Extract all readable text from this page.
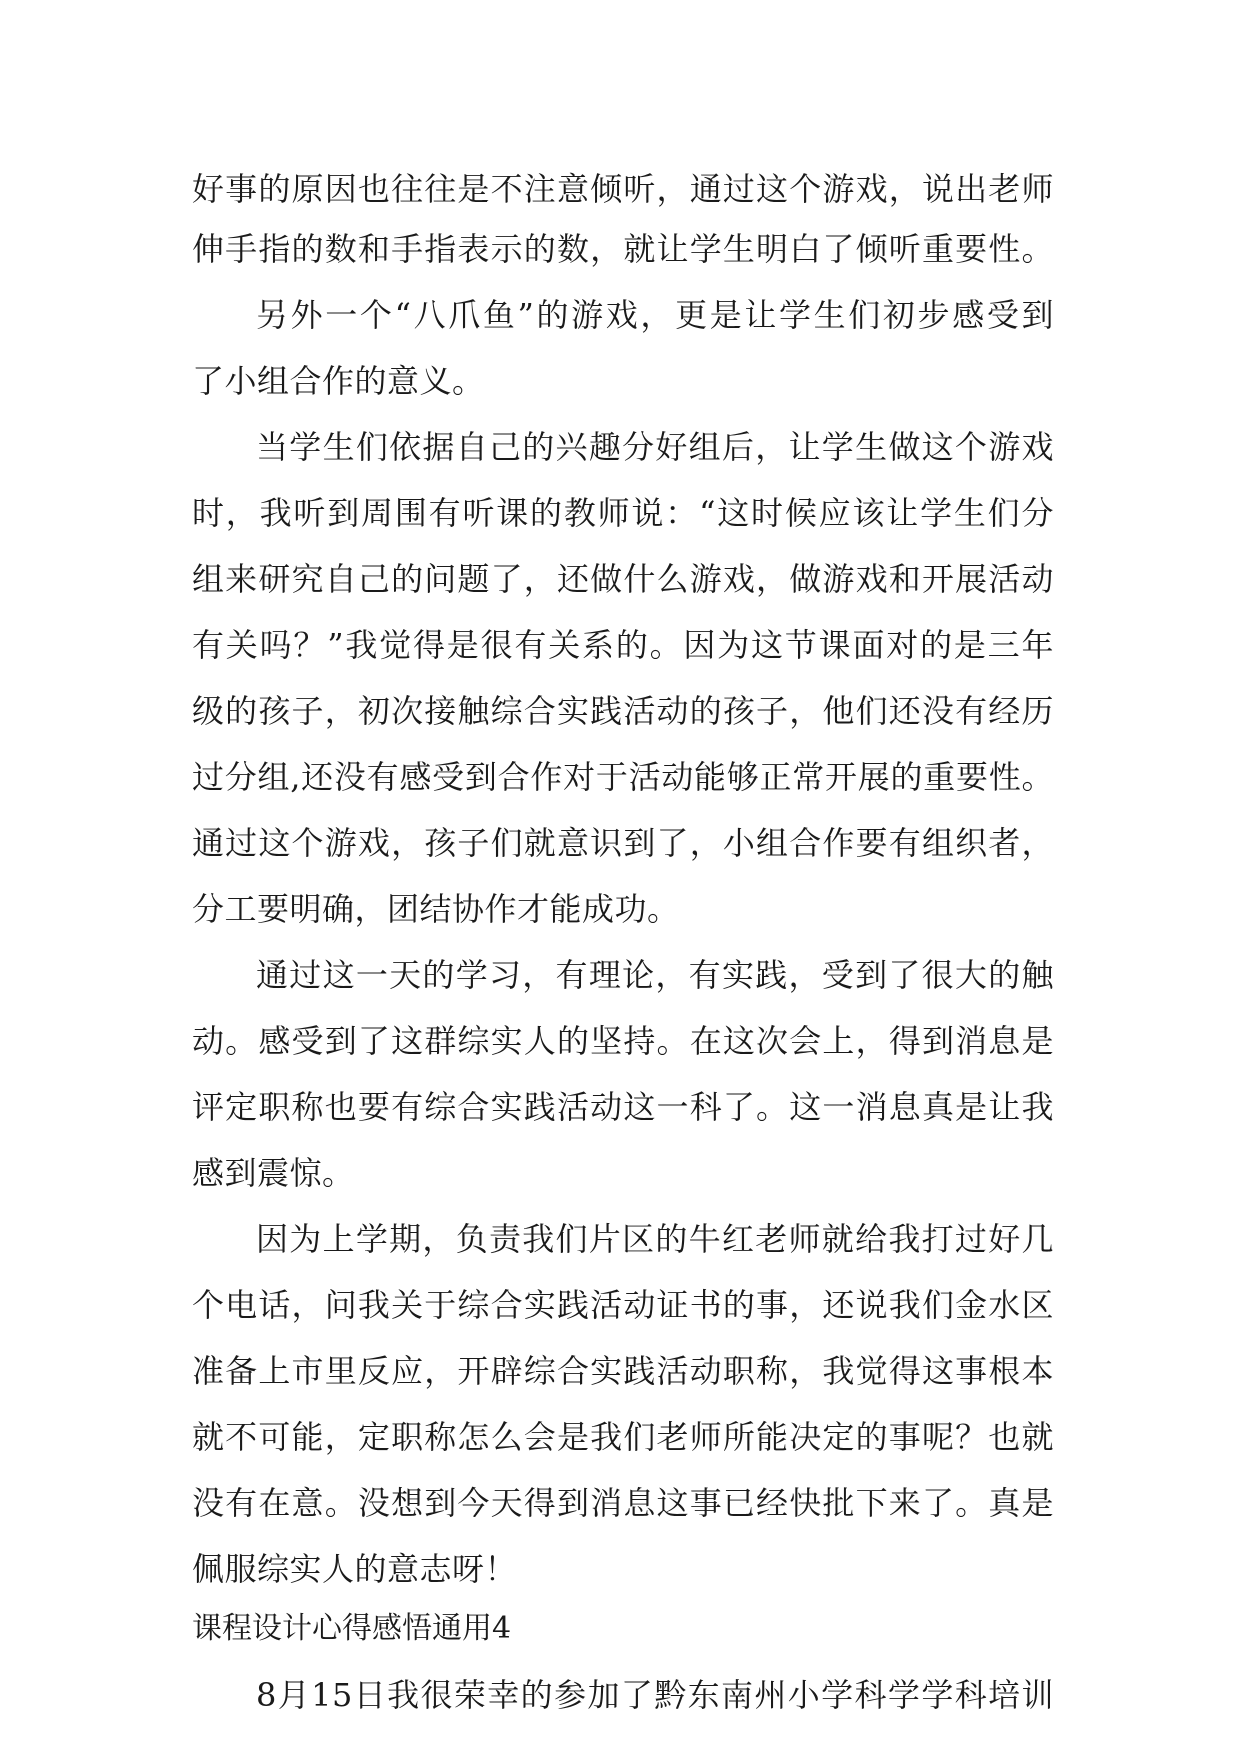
好事的原因也往往是不注意倾听，通过这个游戏，说出老师
伸手指的数和手指表示的数，就让学生明白了倾听重要性。
另外一个“八爪鱼”的游戏，更是让学生们初步感受到
了小组合作的意义。
当学生们依据自己的兴趣分好组后，让学生做这个游戏
时，我听到周围有听课的教师说：“这时候应该让学生们分
组来研究自己的问题了，还做什么游戏，做游戏和开展活动
有关吗？”我觉得是很有关系的。因为这节课面对的是三年
级的孩子，初次接触综合实践活动的孩子，他们还没有经历
过分组,还没有感受到合作对于活动能够正常开展的重要性。
通过这个游戏，孩子们就意识到了，小组合作要有组织者，
分工要明确，团结协作才能成功。
通过这一天的学习，有理论，有实践，受到了很大的触
动。感受到了这群综实人的坚持。在这次会上，得到消息是
评定职称也要有综合实践活动这一科了。这一消息真是让我
感到震惊。
因为上学期，负责我们片区的牛红老师就给我打过好几
个电话，问我关于综合实践活动证书的事，还说我们金水区
准备上市里反应，开辟综合实践活动职称，我觉得这事根本
就不可能，定职称怎么会是我们老师所能决定的事呢？也就
没有在意。没想到今天得到消息这事已经快批下来了。真是
佩服综实人的意志呀！
课程设计心得感悟通用4
8月15日我很荣幸的参加了黔东南州小学科学学科培训
